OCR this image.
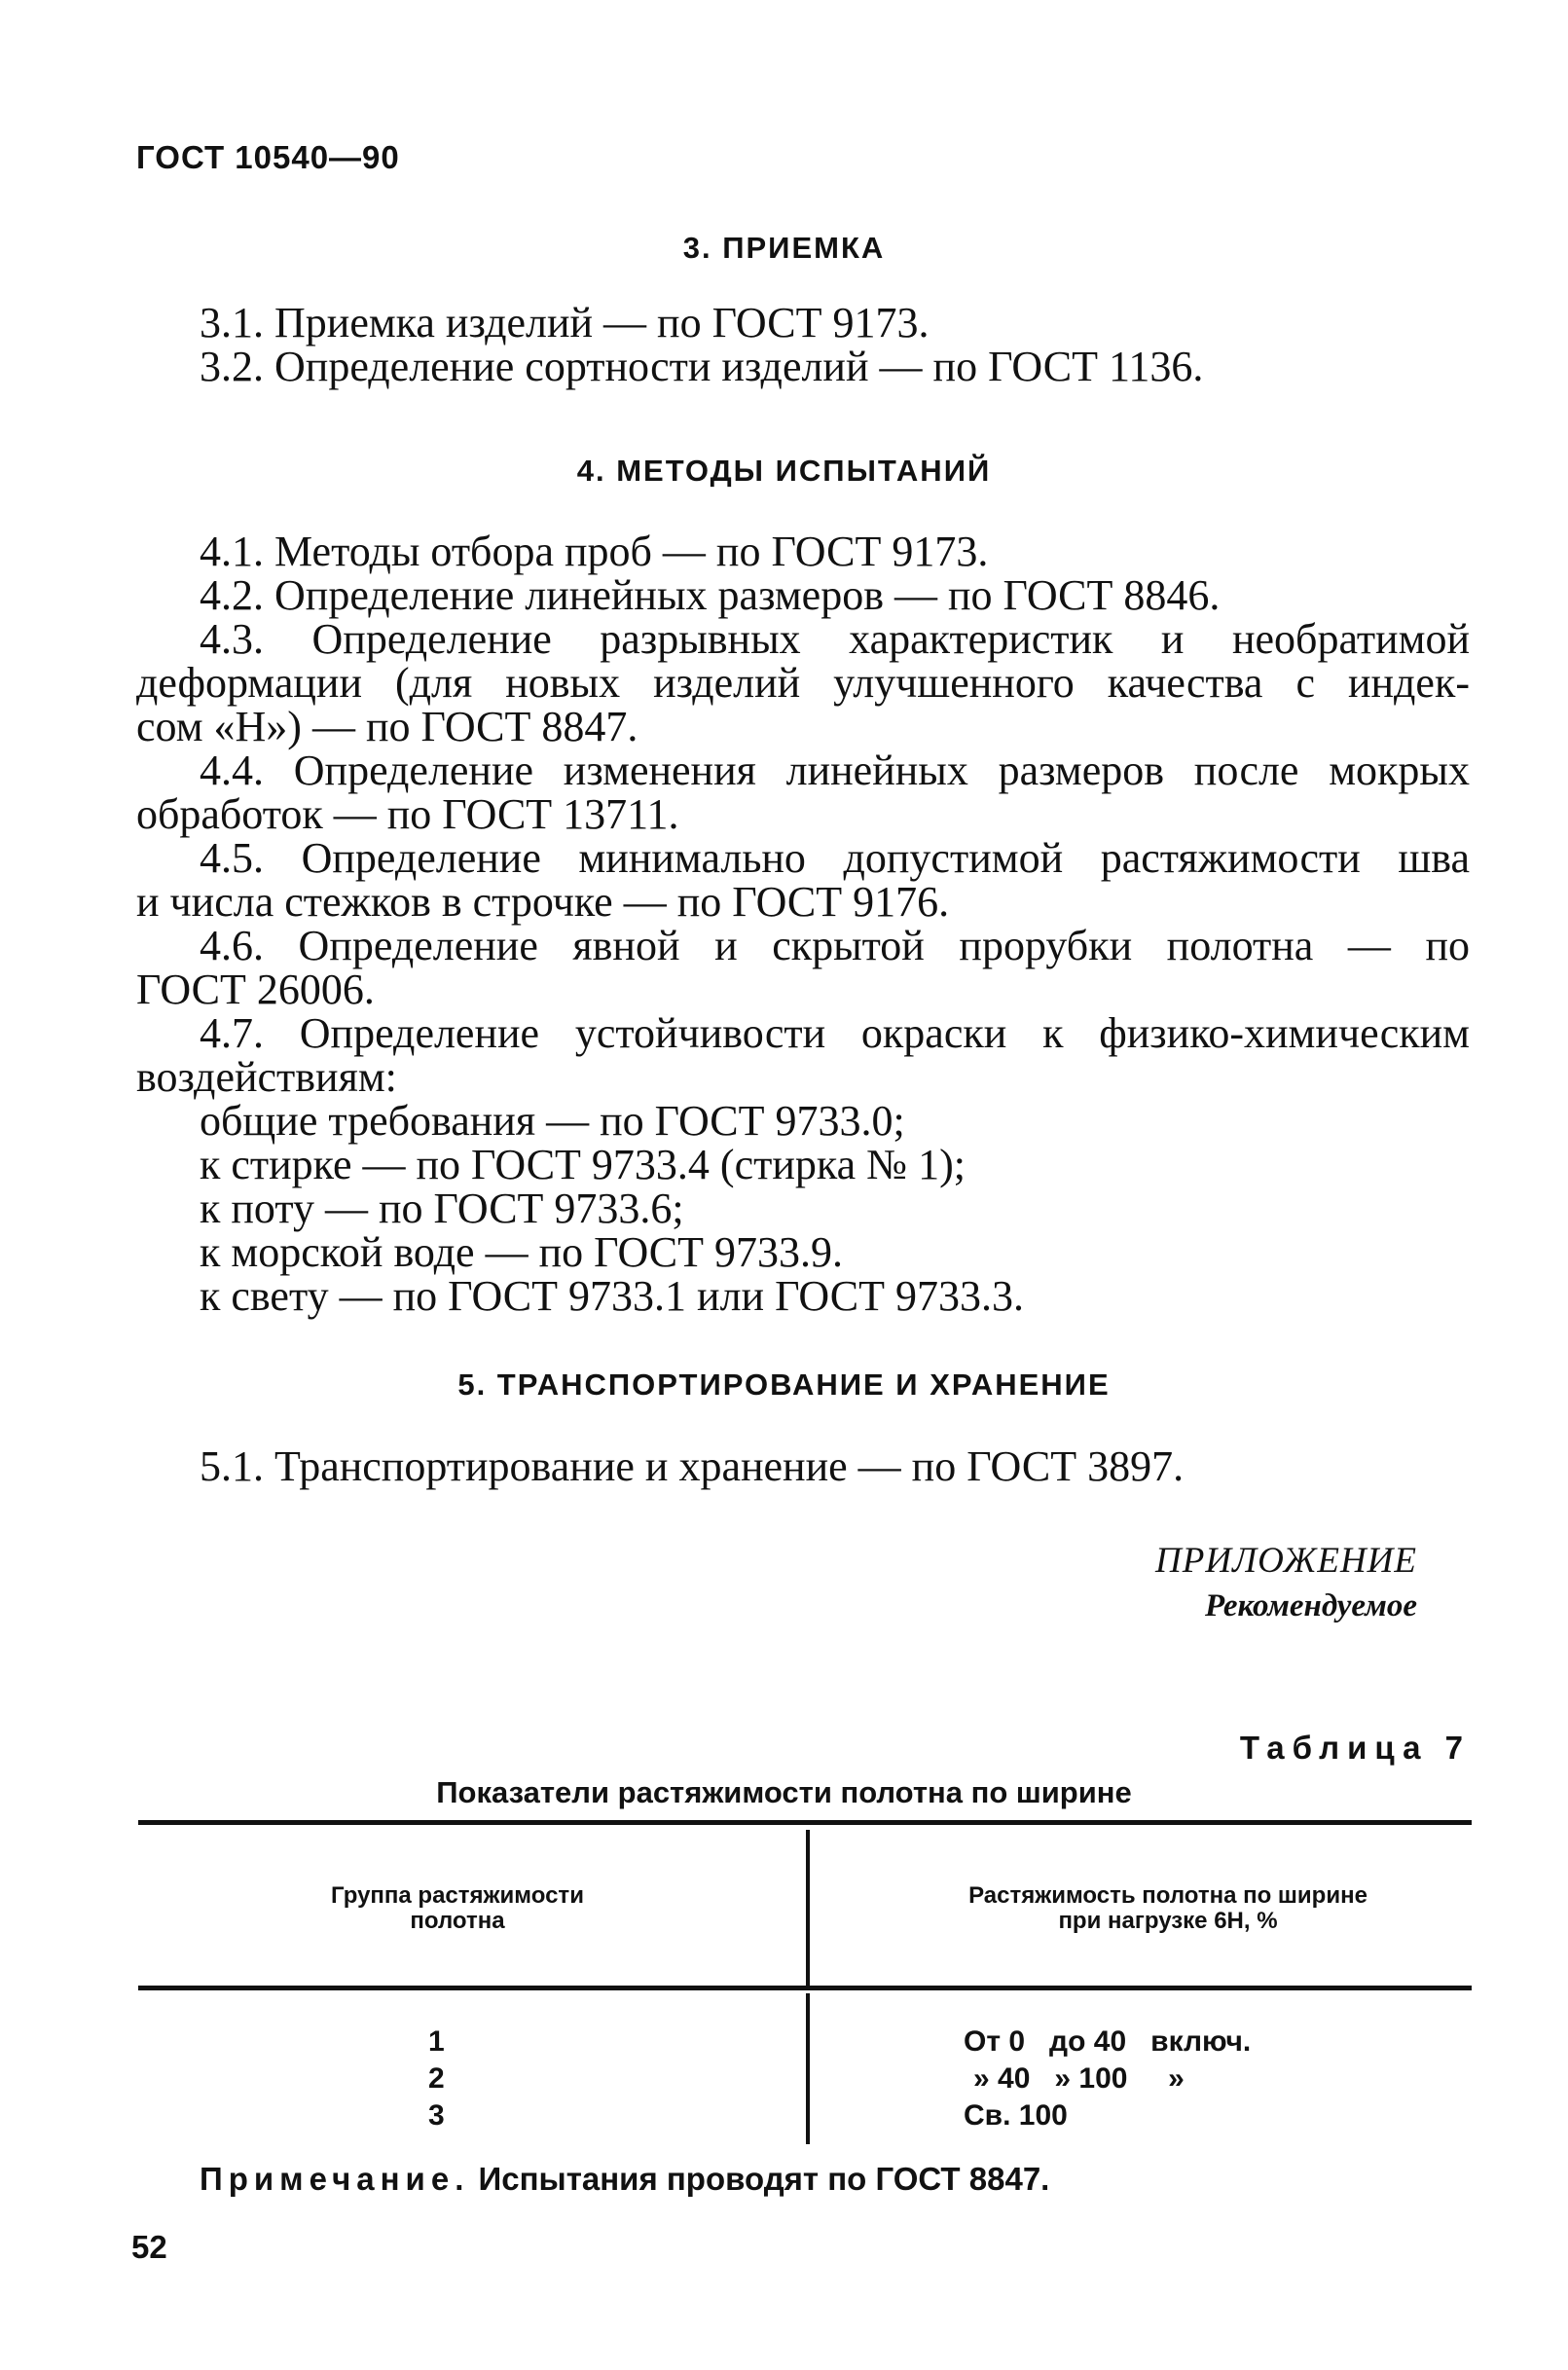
ГОСТ 10540—90
3. ПРИЕМКА
3.1. Приемка изделий — по ГОСТ 9173.
3.2. Определение сортности изделий — по ГОСТ 1136.
4. МЕТОДЫ ИСПЫТАНИЙ
4.1. Методы отбора проб — по ГОСТ 9173.
4.2. Определение линейных размеров — по ГОСТ 8846.
4.3. Определение разрывных характеристик и необратимой
деформации (для новых изделий улучшенного качества с индек-
сом «Н») — по ГОСТ 8847.
4.4. Определение изменения линейных размеров после мокрых
обработок — по ГОСТ 13711.
4.5. Определение минимально допустимой растяжимости шва
и числа стежков в строчке — по ГОСТ 9176.
4.6. Определение явной и скрытой прорубки полотна — по
ГОСТ 26006.
4.7. Определение устойчивости окраски к физико-химическим
воздействиям:
общие требования — по ГОСТ 9733.0;
к стирке — по ГОСТ 9733.4 (стирка № 1);
к поту — по ГОСТ 9733.6;
к морской воде — по ГОСТ 9733.9.
к свету — по ГОСТ 9733.1 или ГОСТ 9733.3.
5. ТРАНСПОРТИРОВАНИЕ И ХРАНЕНИЕ
5.1. Транспортирование и хранение — по ГОСТ 3897.
ПРИЛОЖЕНИЕ
Рекомендуемое
Таблица 7
Показатели растяжимости полотна по ширине
Группа растяжимости полотна
Растяжимость полотна по ширине при нагрузке 6Н, %
1
2
3
От 0   до 40   включ.
» 40   » 100     »
Св. 100
Примечание. Испытания проводят по ГОСТ 8847.
52
